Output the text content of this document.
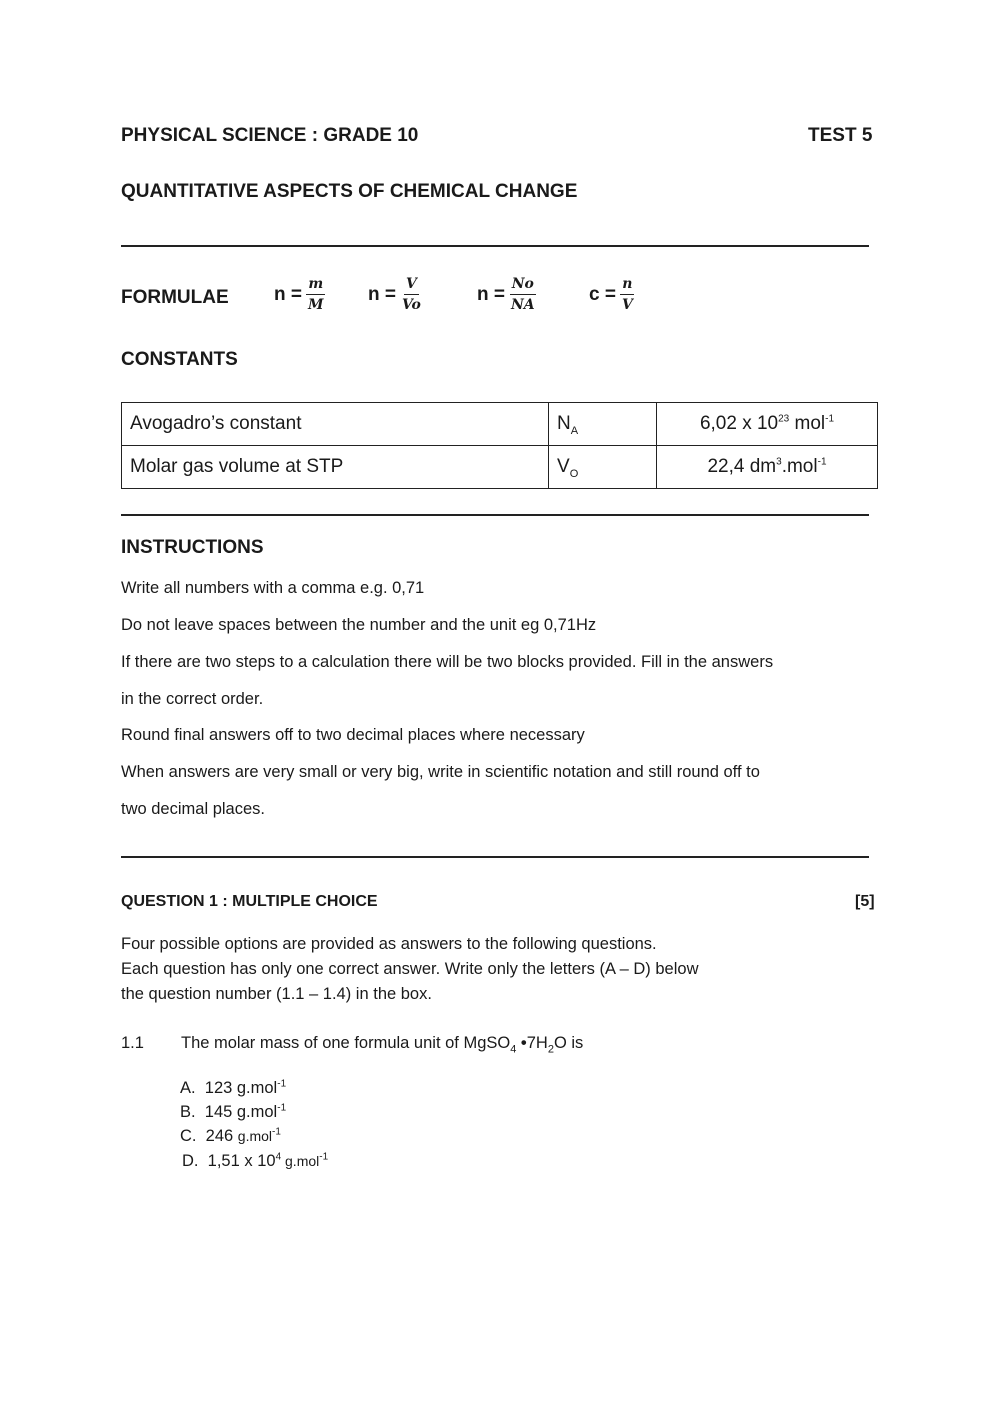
PHYSICAL SCIENCE : GRADE 10	TEST 5
QUANTITATIVE ASPECTS OF CHEMICAL CHANGE
FORMULAE $n = \frac{m}{M}$ $n = \frac{V}{Vo}$	$n = \frac{No}{NA}$	$c = \frac{n}{V}$
CONSTANTS
Avogadro’s constant	$N_A$	6,02 x $10^{23}$ mol$^{-1}$
Molar gas volume at STP	$V_O$	22,4 $dm^3.mol^{-1}$
INSTRUCTIONS
Write all numbers with a comma e.g. 0,71
Do not leave spaces between the number and the unit eg 0,71Hz
If there are two steps to a calculation there will be two blocks provided. Fill in the answers
in the correct order.
Round final answers off to two decimal places where necessary
When answers are very small or very big, write in scientific notation and still round off to
two decimal places.
QUESTION 1 : MULTIPLE CHOICE	[5]
Four possible options are provided as answers to the following questions.
Each question has only one correct answer. Write only the letters (A – D) below
the question number (1.1 – 1.4) in the box.
1.1 The molar mass of one formula unit of MgSO$_4$ $•7H_2O$ is
A. 123 g.mol$^{-1}$
B. 145 g.mol$^{-1}$
C. 246 g.mol$^{-1}$
D. 1,51 x $10^4$ g.mol$^{-1}$
